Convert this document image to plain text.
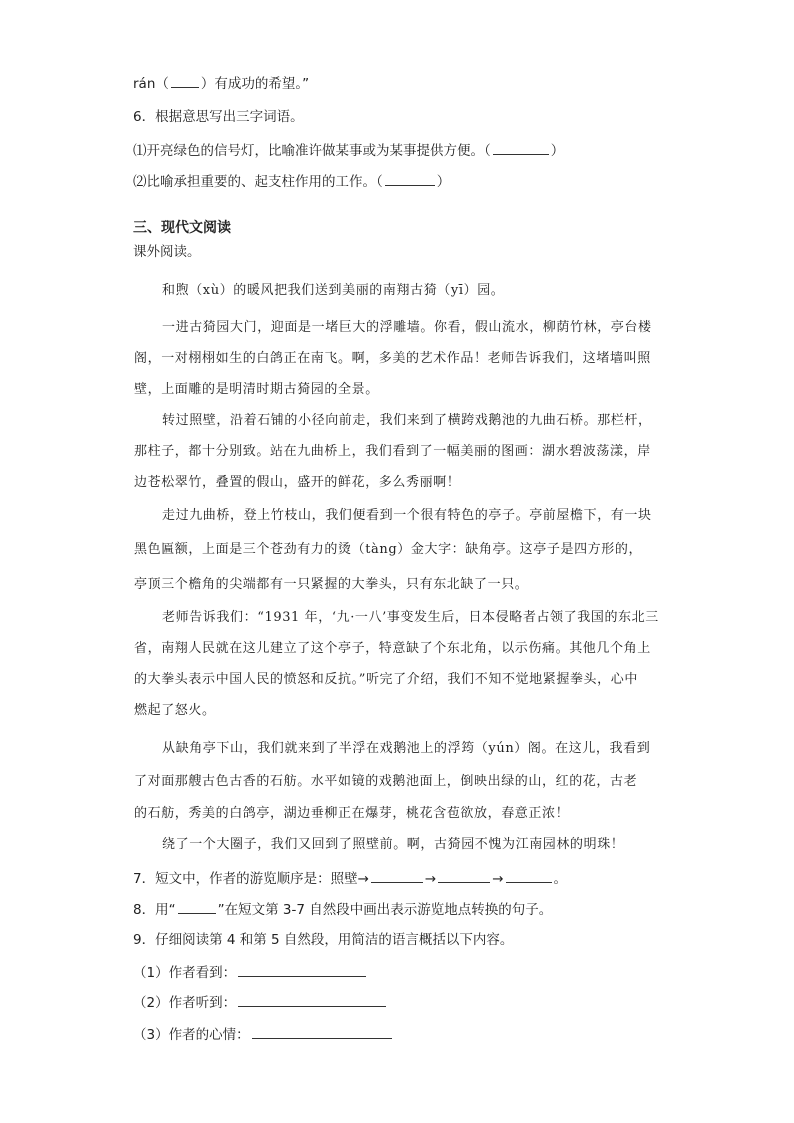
rán（ ）有成功的希望。”
6．根据意思写出三字词语。
⑴开亮绿色的信号灯，比喻准许做某事或为某事提供方便。（	）
⑵比喻承担重要的、起支柱作用的工作。（	）
三、现代文阅读
课外阅读。
和煦（xù）的暖风把我们送到美丽的南翔古猗（yī）园。
一进古猗园大门，迎面是一堵巨大的浮雕墙。你看，假山流水，柳荫竹林，亭台楼
阁，一对栩栩如生的白鸽正在南飞。啊，多美的艺术作品！老师告诉我们，这堵墙叫照
壁，上面雕的是明清时期古猗园的全景。
转过照壁，沿着石铺的小径向前走，我们来到了横跨戏鹅池的九曲石桥。那栏杆，
那柱子，都十分别致。站在九曲桥上，我们看到了一幅美丽的图画：湖水碧波荡漾，岸
边苍松翠竹，叠置的假山，盛开的鲜花，多么秀丽啊！
走过九曲桥，登上竹枝山，我们便看到一个很有特色的亭子。亭前屋檐下，有一块
黑色匾额，上面是三个苍劲有力的烫（tàng）金大字：缺角亭。这亭子是四方形的，
亭顶三个檐角的尖端都有一只紧握的大拳头，只有东北缺了一只。
老师告诉我们：“1931 年，‘九·一八’事变发生后，日本侵略者占领了我国的东北三
省，南翔人民就在这儿建立了这个亭子，特意缺了个东北角，以示伤痛。其他几个角上
的大拳头表示中国人民的愤怒和反抗。”听完了介绍，我们不知不觉地紧握拳头，心中
燃起了怒火。
从缺角亭下山，我们就来到了半浮在戏鹅池上的浮筠（yún）阁。在这儿，我看到
了对面那艘古色古香的石舫。水平如镜的戏鹅池面上，倒映出绿的山，红的花，古老
的石舫，秀美的白鸽亭，湖边垂柳正在爆芽，桃花含苞欲放，春意正浓！
绕了一个大圈子，我们又回到了照壁前。啊，古猗园不愧为江南园林的明珠！
7．短文中，作者的游览顺序是：照壁→	→	→	。
8．用“	”在短文第 3-7 自然段中画出表示游览地点转换的句子。
9．仔细阅读第 4 和第 5 自然段，用简洁的语言概括以下内容。
（1）作者看到：
（2）作者听到：
（3）作者的心情：
